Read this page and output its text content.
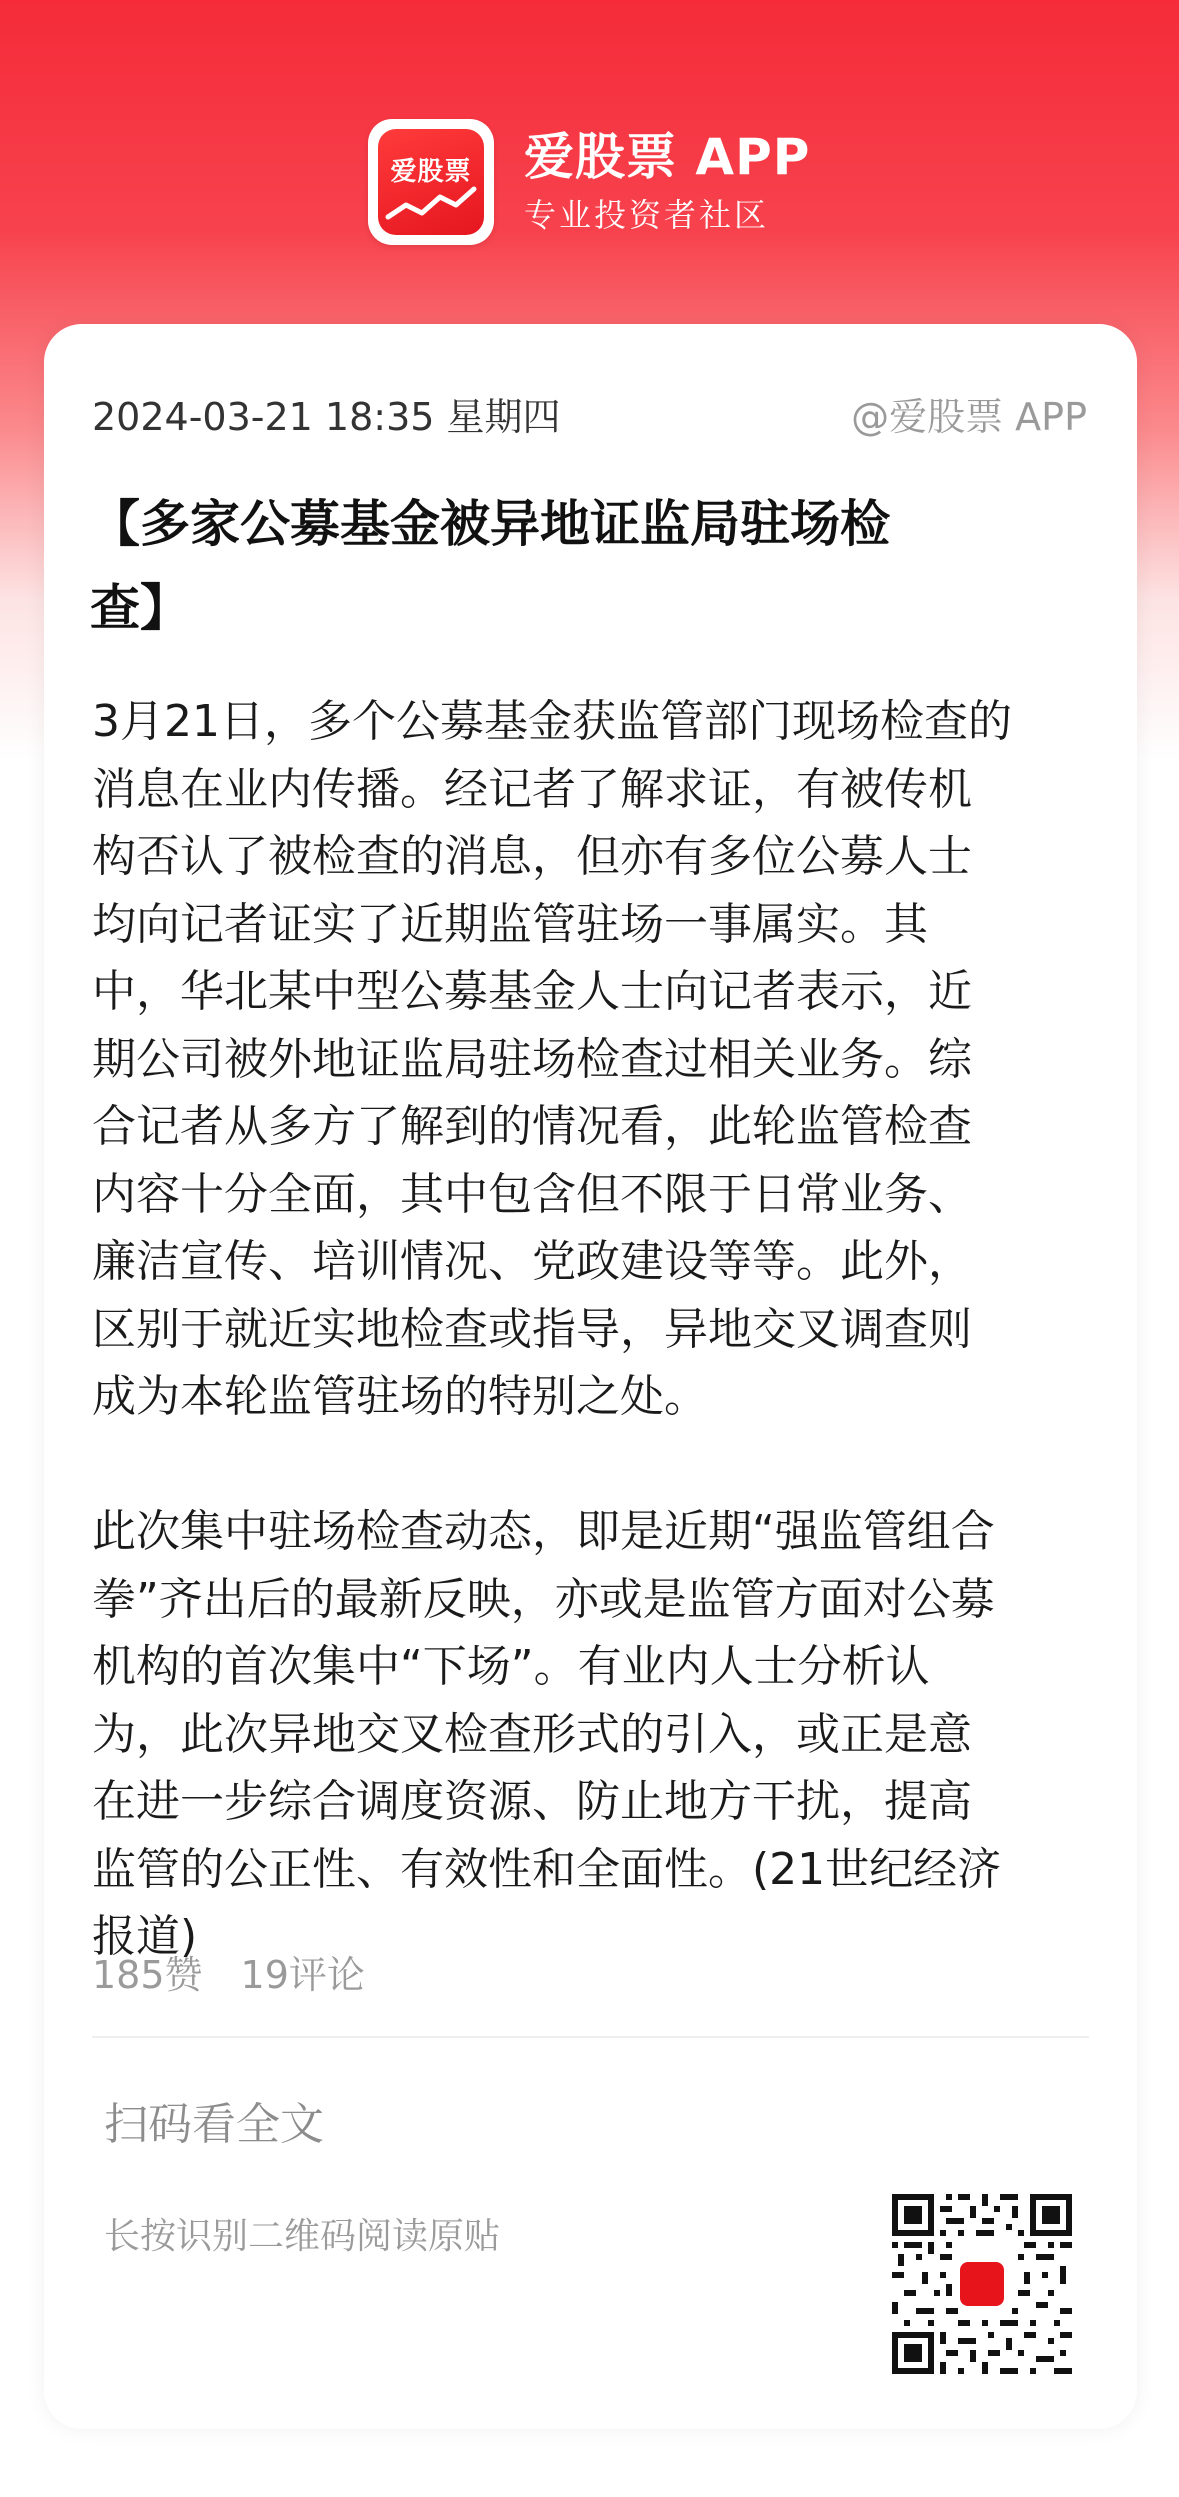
爱股票 爱股票 APP
专业投资者社区
2024-03-21 18:35 星期四	@爱股票 APP
【多家公募基金被异地证监局驻场检
查】

3月21日，多个公募基金获监管部门现场检查的
消息在业内传播。经记者了解求证，有被传机
构否认了被检查的消息，但亦有多位公募人士
均向记者证实了近期监管驻场一事属实。其
中，华北某中型公募基金人士向记者表示，近
期公司被外地证监局驻场检查过相关业务。综
合记者从多方了解到的情况看，此轮监管检查
内容十分全面，其中包含但不限于日常业务、
廉洁宣传、培训情况、党政建设等等。此外，
区别于就近实地检查或指导，异地交叉调查则
成为本轮监管驻场的特别之处。

此次集中驻场检查动态，即是近期“强监管组合
拳”齐出后的最新反映，亦或是监管方面对公募
机构的首次集中“下场”。有业内人士分析认
为，此次异地交叉检查形式的引入，或正是意
在进一步综合调度资源、防止地方干扰，提高
监管的公正性、有效性和全面性。(21世纪经济
报道)

185赞 19评论
扫码看全文
长按识别二维码阅读原贴
